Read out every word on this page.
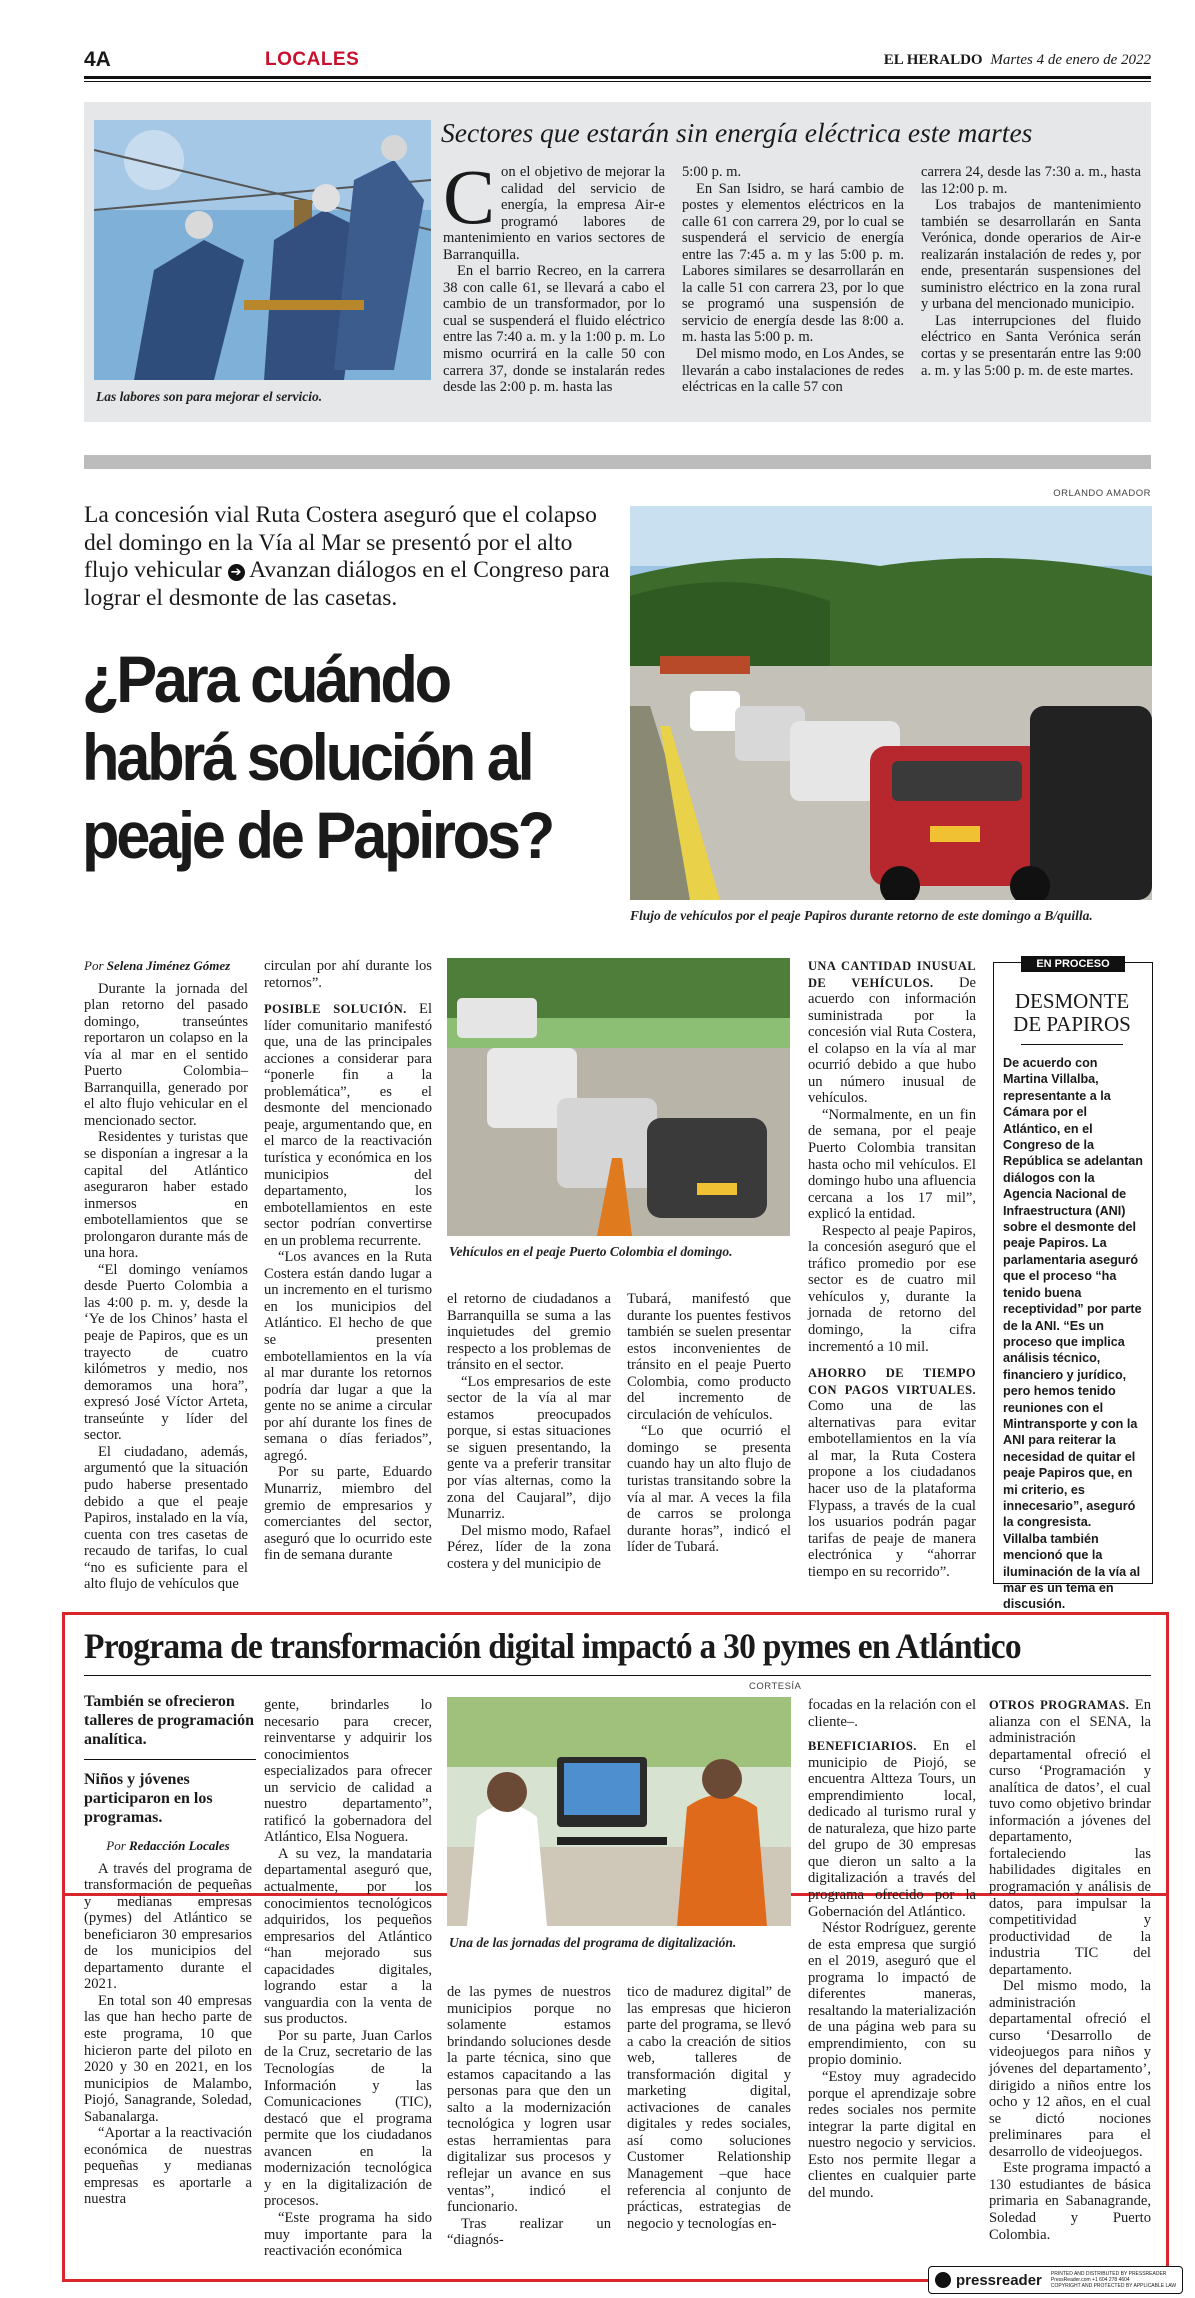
4A	LOCALES	EL HERALDO Martes 4 de enero de 2022
Las labores son para mejorar el servicio.
Sectores que estarán sin energía eléctrica este martes
C on el objetivo de mejorar la calidad del servicio de energía, la empresa Air-e programó labores de mantenimiento en varios sectores de Barranquilla.

En el barrio Recreo, en la carrera 38 con calle 61, se llevará a cabo el cambio de un transformador, por lo cual se suspenderá el fluido eléctrico entre las 7:40 a. m. y la 1:00 p. m. Lo mismo ocurrirá en la calle 50 con carrera 37, donde se instalarán redes desde las 2:00 p. m. hasta las

5:00 p. m.

En San Isidro, se hará cambio de postes y elementos eléctricos en la calle 61 con carrera 29, por lo cual se suspenderá el servicio de energía entre las 7:45 a. m y las 5:00 p. m. Labores similares se desarrollarán en la calle 51 con carrera 23, por lo que se programó una suspensión de servicio de energía desde las 8:00 a. m. hasta las 5:00 p. m.

Del mismo modo, en Los Andes, se llevarán a cabo instalaciones de redes eléctricas en la calle 57 con

carrera 24, desde las 7:30 a. m., hasta las 12:00 p. m.

Los trabajos de mantenimiento también se desarrollarán en Santa Verónica, donde operarios de Air-e realizarán instalación de redes y, por ende, presentarán suspensiones del suministro eléctrico en la zona rural y urbana del mencionado municipio.

Las interrupciones del fluido eléctrico en Santa Verónica serán cortas y se presentarán entre las 9:00 a. m. y las 5:00 p. m. de este martes.

La concesión vial Ruta Costera aseguró que el colapso del domingo en la Vía al Mar se presentó por el alto flujo vehicular ➔ Avanzan diálogos en el Congreso para lograr el desmonte de las casetas.
¿Para cuándo
habrá solución al
peaje de Papiros?
ORLANDO AMADOR
Flujo de vehículos por el peaje Papiros durante retorno de este domingo a B/quilla.
Por Selena Jiménez Gómez

Durante la jornada del plan retorno del pasado domingo, transeúntes reportaron un colapso en la vía al mar en el sentido Puerto Colombia–Barranquilla, generado por el alto flujo vehicular en el mencionado sector.

Residentes y turistas que se disponían a ingresar a la capital del Atlántico aseguraron haber estado inmersos en embotellamientos que se prolongaron durante más de una hora.

“El domingo veníamos desde Puerto Colombia a las 4:00 p. m. y, desde la ‘Ye de los Chinos’ hasta el peaje de Papiros, que es un trayecto de cuatro kilómetros y medio, nos demoramos una hora”, expresó José Víctor Arteta, transeúnte y líder del sector.

El ciudadano, además, argumentó que la situación pudo haberse presentado debido a que el peaje Papiros, instalado en la vía, cuenta con tres casetas de recaudo de tarifas, lo cual “no es suficiente para el alto flujo de vehículos que

circulan por ahí durante los retornos”.

POSIBLE SOLUCIÓN. El líder comunitario manifestó que, una de las principales acciones a considerar para “ponerle fin a la problemática”, es el desmonte del mencionado peaje, argumentando que, en el marco de la reactivación turística y económica en los municipios del departamento, los embotellamientos en este sector podrían convertirse en un problema recurrente.

“Los avances en la Ruta Costera están dando lugar a un incremento en el turismo en los municipios del Atlántico. El hecho de que se presenten embotellamientos en la vía al mar durante los retornos podría dar lugar a que la gente no se anime a circular por ahí durante los fines de semana o días feriados”, agregó.

Por su parte, Eduardo Munarriz, miembro del gremio de empresarios y comerciantes del sector, aseguró que lo ocurrido este fin de semana durante

Vehículos en el peaje Puerto Colombia el domingo.

el retorno de ciudadanos a Barranquilla se suma a las inquietudes del gremio respecto a los problemas de tránsito en el sector.

“Los empresarios de este sector de la vía al mar estamos preocupados porque, si estas situaciones se siguen presentando, la gente va a preferir transitar por vías alternas, como la zona del Caujaral”, dijo Munarriz.

Del mismo modo, Rafael Pérez, líder de la zona costera y del municipio de

Tubará, manifestó que durante los puentes festivos también se suelen presentar estos inconvenientes de tránsito en el peaje Puerto Colombia, como producto del incremento de circulación de vehículos.

“Lo que ocurrió el domingo se presenta cuando hay un alto flujo de turistas transitando sobre la vía al mar. A veces la fila de carros se prolonga durante horas”, indicó el líder de Tubará.

UNA CANTIDAD INUSUAL DE VEHÍCULOS. De acuerdo con información suministrada por la concesión vial Ruta Costera, el colapso en la vía al mar ocurrió debido a que hubo un número inusual de vehículos.

“Normalmente, en un fin de semana, por el peaje Puerto Colombia transitan hasta ocho mil vehículos. El domingo hubo una afluencia cercana a los 17 mil”, explicó la entidad.

Respecto al peaje Papiros, la concesión aseguró que el tráfico promedio por ese sector es de cuatro mil vehículos y, durante la jornada de retorno del domingo, la cifra incrementó a 10 mil.

AHORRO DE TIEMPO CON PAGOS VIRTUALES. Como una de las alternativas para evitar embotellamientos en la vía al mar, la Ruta Costera propone a los ciudadanos hacer uso de la plataforma Flypass, a través de la cual los usuarios podrán pagar tarifas de peaje de manera electrónica y “ahorrar tiempo en su recorrido”.

EN PROCESO
DESMONTE DE PAPIROS

De acuerdo con Martina Villalba, representante a la Cámara por el Atlántico, en el Congreso de la República se adelantan diálogos con la Agencia Nacional de Infraestructura (ANI) sobre el desmonte del peaje Papiros. La parlamentaria aseguró que el proceso “ha tenido buena receptividad” por parte de la ANI. “Es un proceso que implica análisis técnico, financiero y jurídico, pero hemos tenido reuniones con el Mintransporte y con la ANI para reiterar la necesidad de quitar el peaje Papiros que, en mi criterio, es innecesario”, aseguró la congresista.

Villalba también mencionó que la iluminación de la vía al mar es un tema en discusión.

Programa de transformación digital impactó a 30 pymes en Atlántico

También se ofrecieron talleres de programación analítica.

Niños y jóvenes participaron en los programas.

Por Redacción Locales

A través del programa de transformación de pequeñas y medianas empresas (pymes) del Atlántico se beneficiaron 30 empresarios de los municipios del departamento durante el 2021.

En total son 40 empresas las que han hecho parte de este programa, 10 que hicieron parte del piloto en 2020 y 30 en 2021, en los municipios de Malambo, Piojó, Sanagrande, Soledad, Sabanalarga.

“Aportar a la reactivación económica de nuestras pequeñas y medianas empresas es aportarle a nuestra

gente, brindarles lo necesario para crecer, reinventarse y adquirir los conocimientos especializados para ofrecer un servicio de calidad a nuestro departamento”, ratificó la gobernadora del Atlántico, Elsa Noguera.

A su vez, la mandataria departamental aseguró que, actualmente, por los conocimientos tecnológicos adquiridos, los pequeños empresarios del Atlántico “han mejorado sus capacidades digitales, logrando estar a la vanguardia con la venta de sus productos.

Por su parte, Juan Carlos de la Cruz, secretario de las Tecnologías de la Información y las Comunicaciones (TIC), destacó que el programa permite que los ciudadanos avancen en la modernización tecnológica y en la digitalización de procesos.

“Este programa ha sido muy importante para la reactivación económica

CORTESÍA
Una de las jornadas del programa de digitalización.

de las pymes de nuestros municipios porque no solamente estamos brindando soluciones desde la parte técnica, sino que estamos capacitando a las personas para que den un salto a la modernización tecnológica y logren usar estas herramientas para digitalizar sus procesos y reflejar un avance en sus ventas”, indicó el funcionario.

Tras realizar un “diagnós-

tico de madurez digital” de las empresas que hicieron parte del programa, se llevó a cabo la creación de sitios web, talleres de transformación digital y marketing digital, activaciones de canales digitales y redes sociales, así como soluciones Customer Relationship Management –que hace referencia al conjunto de prácticas, estrategias de negocio y tecnologías en-

focadas en la relación con el cliente–.

BENEFICIARIOS. En el municipio de Piojó, se encuentra Altteza Tours, un emprendimiento local, dedicado al turismo rural y de naturaleza, que hizo parte del grupo de 30 empresas que dieron un salto a la digitalización a través del programa ofrecido por la Gobernación del Atlántico.

Néstor Rodríguez, gerente de esta empresa que surgió en el 2019, aseguró que el programa lo impactó de diferentes maneras, resaltando la materialización de una página web para su emprendimiento, con su propio dominio.

“Estoy muy agradecido porque el aprendizaje sobre redes sociales nos permite integrar la parte digital en nuestro negocio y servicios. Esto nos permite llegar a clientes en cualquier parte del mundo.

OTROS PROGRAMAS. En alianza con el SENA, la administración departamental ofreció el curso ‘Programación y analítica de datos’, el cual tuvo como objetivo brindar información a jóvenes del departamento, fortaleciendo las habilidades digitales en programación y análisis de datos, para impulsar la competitividad y productividad de la industria TIC del departamento.

Del mismo modo, la administración departamental ofreció el curso ‘Desarrollo de videojuegos para niños y jóvenes del departamento’, dirigido a niños entre los ocho y 12 años, en el cual se dictó nociones preliminares para el desarrollo de videojuegos.

Este programa impactó a 130 estudiantes de básica primaria en Sabanagrande, Soledad y Puerto Colombia.

pressreader PRINTED AND DISTRIBUTED BY PRESSREADER
PressReader.com +1 604 278 4604
COPYRIGHT AND PROTECTED BY APPLICABLE LAW
